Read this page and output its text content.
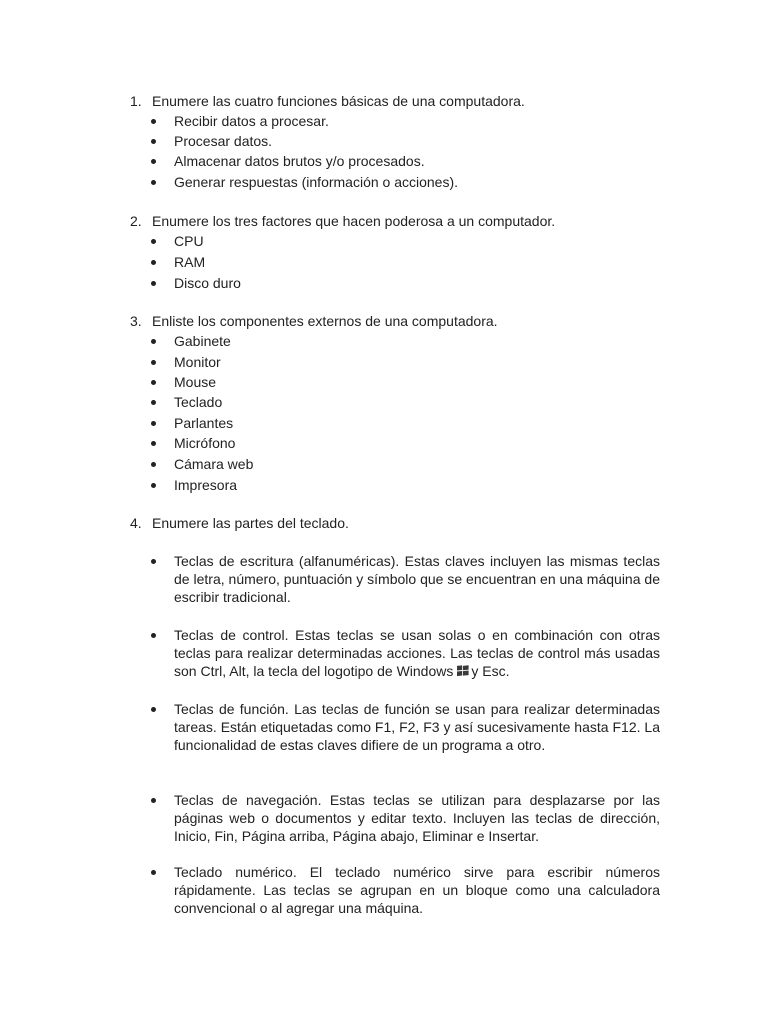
1. Enumere las cuatro funciones básicas de una computadora.
Recibir datos a procesar.
Procesar datos.
Almacenar datos brutos y/o procesados.
Generar respuestas (información o acciones).
2. Enumere los tres factores que hacen poderosa a un computador.
CPU
RAM
Disco duro
3. Enliste los componentes externos de una computadora.
Gabinete
Monitor
Mouse
Teclado
Parlantes
Micrófono
Cámara web
Impresora
4. Enumere las partes del teclado.
Teclas de escritura (alfanuméricas). Estas claves incluyen las mismas teclas de letra, número, puntuación y símbolo que se encuentran en una máquina de escribir tradicional.
Teclas de control. Estas teclas se usan solas o en combinación con otras teclas para realizar determinadas acciones. Las teclas de control más usadas son Ctrl, Alt, la tecla del logotipo de Windows y Esc.
Teclas de función. Las teclas de función se usan para realizar determinadas tareas. Están etiquetadas como F1, F2, F3 y así sucesivamente hasta F12. La funcionalidad de estas claves difiere de un programa a otro.
Teclas de navegación. Estas teclas se utilizan para desplazarse por las páginas web o documentos y editar texto. Incluyen las teclas de dirección, Inicio, Fin, Página arriba, Página abajo, Eliminar e Insertar.
Teclado numérico. El teclado numérico sirve para escribir números rápidamente. Las teclas se agrupan en un bloque como una calculadora convencional o al agregar una máquina.
